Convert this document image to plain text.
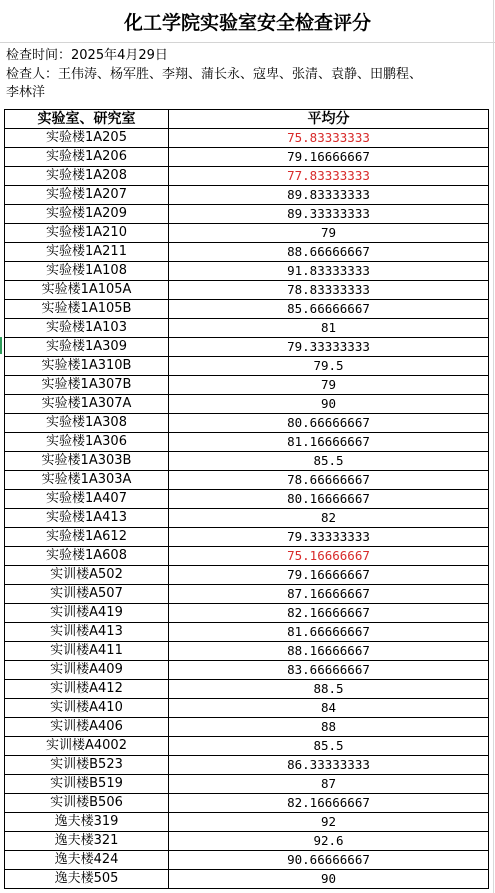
化工学院实验室安全检查评分
检查时间：2025年4月29日
检查人：王伟涛、杨军胜、李翔、蒲长永、寇卑、张清、袁静、田鹏程、
李林洋
实验室、研究室	平均分
实验楼1A205	75.83333333
实验楼1A206	79.16666667
实验楼1A208	77.83333333
实验楼1A207	89.83333333
实验楼1A209	89.33333333
实验楼1A210	79
实验楼1A211	88.66666667
实验楼1A108	91.83333333
实验楼1A105A	78.83333333
实验楼1A105B	85.66666667
实验楼1A103	81
实验楼1A309	79.33333333
实验楼1A310B	79.5
实验楼1A307B	79
实验楼1A307A	90
实验楼1A308	80.66666667
实验楼1A306	81.16666667
实验楼1A303B	85.5
实验楼1A303A	78.66666667
实验楼1A407	80.16666667
实验楼1A413	82
实验楼1A612	79.33333333
实验楼1A608	75.16666667
实训楼A502	79.16666667
实训楼A507	87.16666667
实训楼A419	82.16666667
实训楼A413	81.66666667
实训楼A411	88.16666667
实训楼A409	83.66666667
实训楼A412	88.5
实训楼A410	84
实训楼A406	88
实训楼A4002	85.5
实训楼B523	86.33333333
实训楼B519	87
实训楼B506	82.16666667
逸夫楼319	92
逸夫楼321	92.6
逸夫楼424	90.66666667
逸夫楼505	90
